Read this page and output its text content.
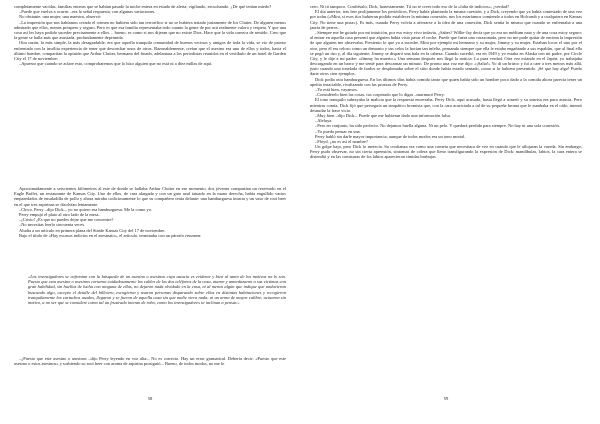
completamente vacídas, familias enteras que se habían pasado la noche entera en estado de alerta, vigilando, escuchando. ¿De qué tenían miedo?

–Puede que vuelva a ocurrir –era la señal respuesta, con algunas variaciones.

No obstante, una mujer, una maestra, observó:

–La impresión que nos habíamos creado el crimen no hubiera sido tan terrorífico si no se hubiera tratado justamente de los Clutter. De alguien menos admirado que ellos, menos próspero y seguro. Pero es que esa familia representaba todo cuanto la gente de por acá realmente valora y respeta. Y que una cosa así les haya podido suceder precisamente a ellos… bueno, es como si nos dijeran que no existe Dios. Hace que la vida carezca de sentido. Creo que la gente se halla más que asustada, profundamente deprimida.

Otra razón, la más simple, la más desagradable, era que aquella tranquila comunidad de buenos vecinos y amigos de toda la vida, se vio de pronto enfrentada con la insólita experiencia de tener que desconfiar unos de otros. Razonablemente, creían que el asesino era uno de ellos y todos, hasta el último hombre, compartían la opinión que Arthur Clutter, hermano del finado, adelantara a los periodistas reunidos en el vestíbulo de un hotel de Garden City el 17 de noviembre:

–Apuesto que cuando se aclare esto, comprobaremos que lo hizo alguien que no está ni a diez millas de aquí.

Aproximadamente a seiscientos kilómetros al este de donde se hallaba Arthur Clutter en ese momento, dos jóvenes compartían un reservado en el Eagle Buffet, un restaurante de Kansas City. Uno de ellos, de cara alargada y con un gato azul tatuado en la mano derecha, había engullido varios emparedados de ensaladilla de pollo y ahora miraba codiciosamente lo que su compañero tenía delante: una hamburguesa intacta y un vaso de root beer en el que tres aspirinas se disolvían lentamente.

–Chico, Perry –dijo Dick–, yo no quiero esa hamburguesa. Me la como yo.

Perry empujó el plato al otro lado de la mesa.

–¡Cristo! ¿Es que no puedes dejar que me concentre?

–No necesitas leerlo cincuenta veces.

Aludía a un artículo en primera plana del Starde Kansas City del 17 de noviembre.

Bajo el título de «Hay escasos indicios en el asesinato», el artículo, terminaba con un párrafo resumen:

«Los investigadores se enfrentan con la búsqueda de un asesino o asesinos cuya astucia es evidente y bien al tanto de los motivos no lo son. Puesto que esta asesino o asesinos cortaron cuidadosamente los cables de los dos teléfonos de la casa, ataron y amordazaron a sus víctimas con gran habilidad, sin huellas de lucha con ninguna de ellas, no dejaron nada olvidado en la casa, ni al menos algún que indique que anduvieran buscando algo, excepto el detalle del billetero, escogieron y usaron personas disparando sobre ellas en distintas habitaciones y recogieron tranquilamente los cartuchos usados, llegaron y se fueron de aquella casa sin que nadie viera nada, ni un arma de mayor calibre, actuaron sin motivo, a no ser que se considere como tal un frustrado intento de robo, como los investigadores se inclinan a pensar.»

–¿Puesto que este asesino o asesinos –dijo Perry leyendo en voz alta–. No es correcto. Hay un error gramatical. Debería decir: «Puesto que este asesino o estos asesinos» y sorbiendo su root beer con aroma de aspirina prosiguió–. Bueno, de todos modos, no me lo

58

creo. Ni tú tampoco. Confiésalo, Dick, honestamente. Tú no te crees todo eso de la «falta de indicios», ¿verdad?

El día anterior, tras leer prolijamente los periódicos, Perry había planteado la misma cuestión, y a Dick, creyendo que ya había contestado de una vez por todas («Mira, si esos tíos hubieran podido establecer la mínima conexión, nos los estaríamos comiendo a todos en Holcomb y a cualquiera en Kansas City. No tiene una pista»). Es más, cuando Perry volvía a aferrarse a la idea de una conexión, Dick sentía lo mismo que cuando se enfrentaba a una jauría de perros.

–Siempre me he guiado por mi intuición, por eso estoy vivo todavía, ¿Sabes? Willie-Jay decía que yo era un médium nato y de una cosa estoy seguro: al entrar en aquella casa presentí que alguien había visto pasar el coche. Puede que fuera una corazonada, pero no me pude quitar de encima la impresión de que alguien me observaba. Presiento lo que ya a suceder. Mira por ejemplo mi hermano y su mujer, Jimmy y su mujer. Estaban locos el uno por el otro, pero él era celoso como un demonio y sus celos la hacían tan infeliz, pensando siempre que ella le estaba engañando a sus espaldas, que al final ella se pegó un tiro y, al día siguiente, Jimmy se disparó una bala en la cabeza. Cuando sucedió, era en 1949 y yo estaba en Alaska con mi padre, por Circle City, y le dije a mi padre: «Jimmy ha muerto.» Una semana después nos llegó la noticia. La pura verdad. Otra vez estando en el Japón, yo trabajaba descargando en un barco y me senté para descansar un minuto. De pronto una voz me dijo: «¡Salta!» Yo di un brinco y fui a caer a tres metros más allá, justo cuando una tonelada de fardos se desplomaba sobre el sitio donde había estado sentado, como si lo hubiera presentido. ¡Sé que hay algo! Puedo darte otros cien ejemplos.

Dick podía otra hamburguesa. En los últimos días había comido tanto que quien había sido un hombre poco dado a la comida ahora parecía tener un apetito insaciable, rivalizando con las proezas de Perry.

–Ya está bien, vayamos.

–Considérelo bien las cosas, tus corpórado que lo digas –murmuró Perry.

El tono tranquilo subrayaba la malicia que la respuesta encerraba. Perry Dick, aquí acusado, hasta llegó a sonreír y su sonrisa era pura astucia. Pero mientras comía, Dick fijó que perseguía un simpático bromista que, con la cara acariciada a tal de su pequeña broma que le zumbaba en el oído, intentó desnudar la frase vicio.

–Muy bien –dijo Dick–. Puede que me hubieran dado una información falsa.

–Aleluya.

–Pero en conjunto, ha sido perfecto. No dejamos huella alguna. Ni un pelo. Y quedará perdida para siempre. No hay ni una sola conexión.

–Yo puedo pensar en una.

Perry habló sin darle mayor importancia, aunque de todos modos era un tono mortal.

–Floyd, ¿no es así el nombre?

Un golpe bajo, pero Dick lo merecía. Su confianza era como una cometa que necesitara de vez en cuando que le aflojaran la cuerda. Sin embargo, Perry pudo observar, no sin cierta aprensión, síntomas de cólera que lleno transfigurando la expresión de Dick: mandíbulas, labios, la cara entera se distendió y en las comisuras de los labios aparecieron tímidas burbujas

59
